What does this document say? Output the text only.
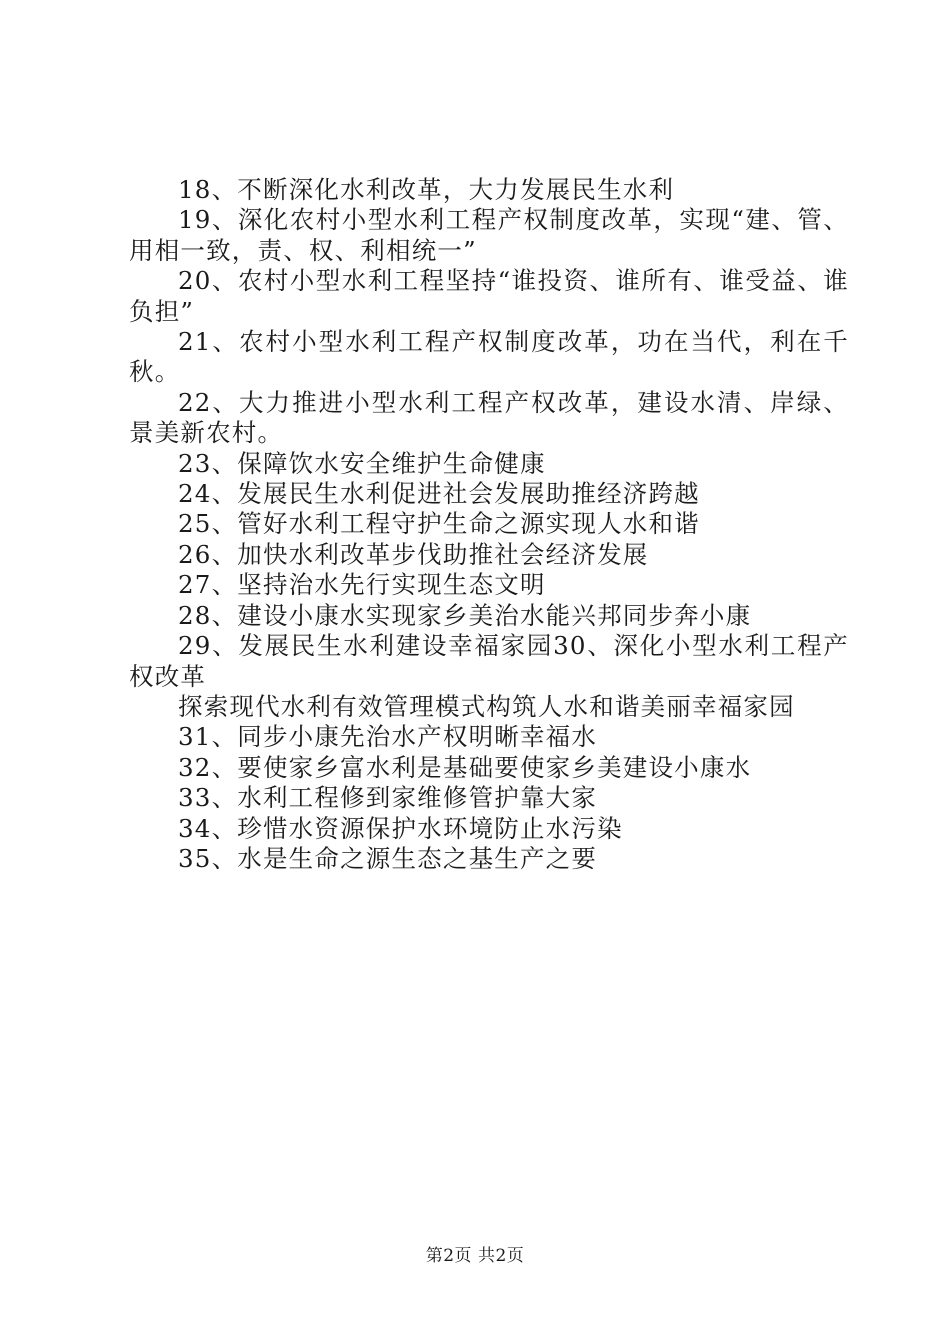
18、不断深化水利改革，大力发展民生水利

19、深化农村小型水利工程产权制度改革，实现“建、管、用相一致，责、权、利相统一”

20、农村小型水利工程坚持“谁投资、谁所有、谁受益、谁负担”

21、农村小型水利工程产权制度改革，功在当代，利在千秋。

22、大力推进小型水利工程产权改革，建设水清、岸绿、景美新农村。

23、保障饮水安全维护生命健康

24、发展民生水利促进社会发展助推经济跨越

25、管好水利工程守护生命之源实现人水和谐

26、加快水利改革步伐助推社会经济发展

27、坚持治水先行实现生态文明

28、建设小康水实现家乡美治水能兴邦同步奔小康

29、发展民生水利建设幸福家园30、深化小型水利工程产权改革

探索现代水利有效管理模式构筑人水和谐美丽幸福家园

31、同步小康先治水产权明晰幸福水

32、要使家乡富水利是基础要使家乡美建设小康水

33、水利工程修到家维修管护靠大家

34、珍惜水资源保护水环境防止水污染

35、水是生命之源生态之基生产之要

第2页 共2页
